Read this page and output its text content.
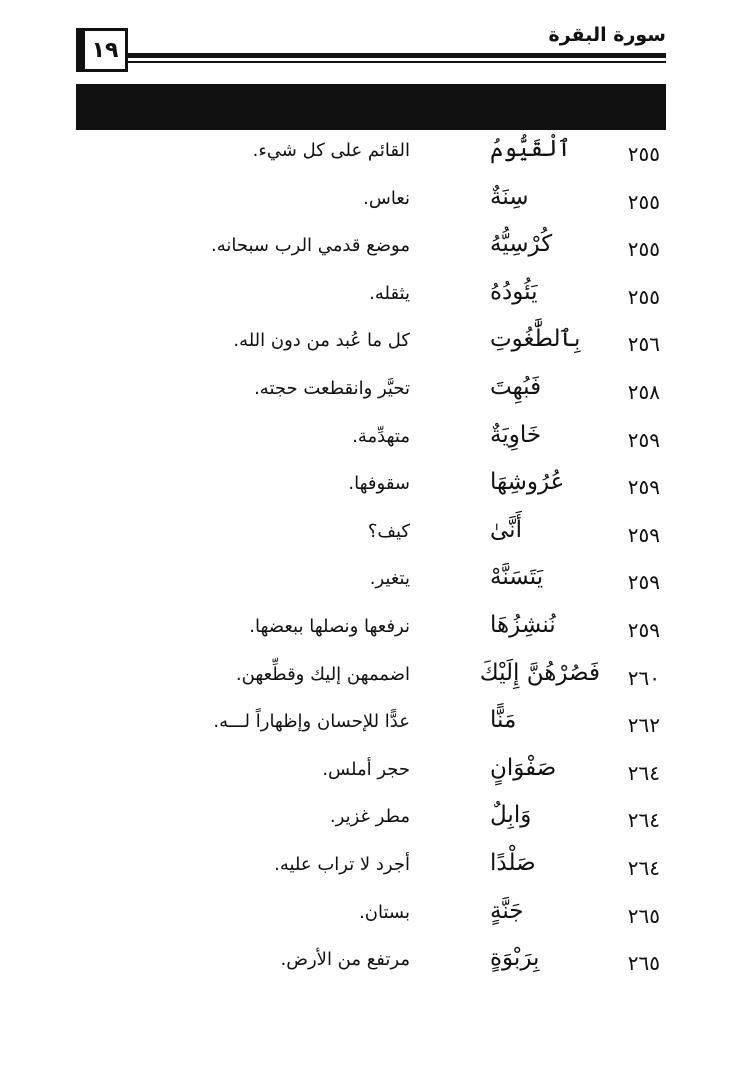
١٩
سورة البقرة
٢٥٥
ٱلْقَيُّومُ
القائم على كل شيء.
٢٥٥
سِنَةٌ
نعاس.
٢٥٥
كُرْسِيُّهُ
موضع قدمي الرب سبحانه.
٢٥٥
يَئُودُهُ
يثقله.
٢٥٦
بِٱلطَّٰغُوتِ
كل ما عُبد من دون الله.
٢٥٨
فَبُهِتَ
تحيَّر وانقطعت حجته.
٢٥٩
خَاوِيَةٌ
متهدِّمة.
٢٥٩
عُرُوشِهَا
سقوفها.
٢٥٩
أَنَّىٰ
كيف؟
٢٥٩
يَتَسَنَّهْ
يتغير.
٢٥٩
نُنشِزُهَا
نرفعها ونصلها ببعضها.
٢٦٠
فَصُرْهُنَّ إِلَيْكَ
اضممهن إليك وقطِّعهن.
٢٦٢
مَنًّا
عدًّا للإحسان وإظهاراً لـــه.
٢٦٤
صَفْوَانٍ
حجر أملس.
٢٦٤
وَابِلٌ
مطر غزير.
٢٦٤
صَلْدًا
أجرد لا تراب عليه.
٢٦٥
جَنَّةٍ
بستان.
٢٦٥
بِرَبْوَةٍ
مرتفع من الأرض.
